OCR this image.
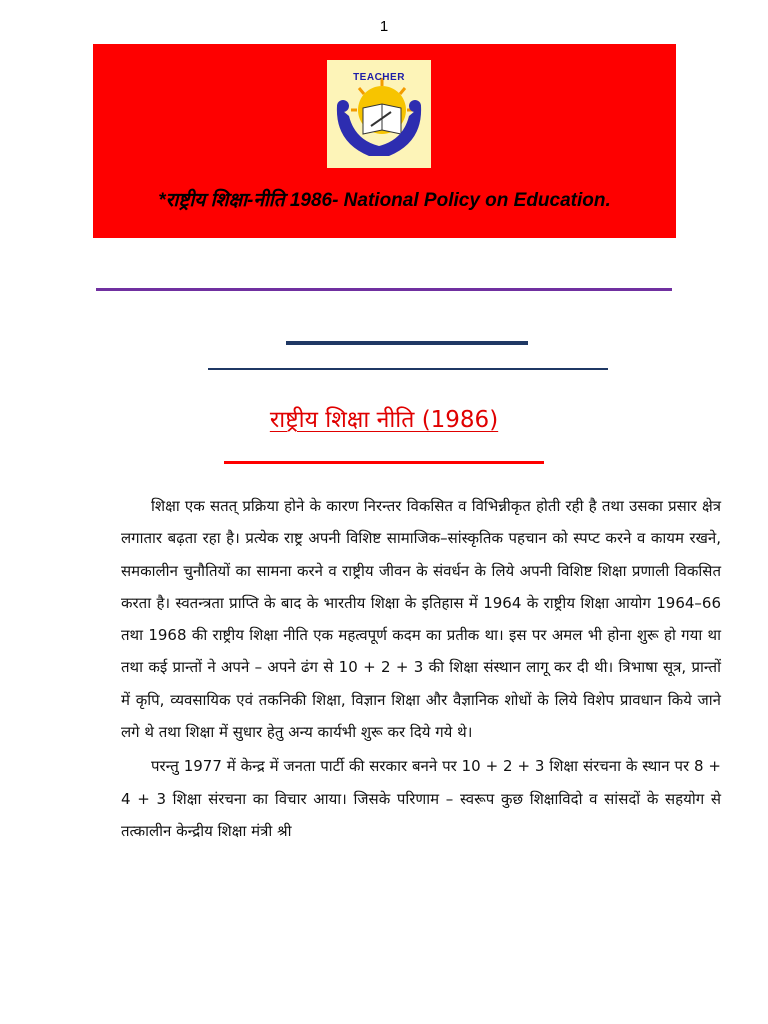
1
TEACHER
*राष्ट्रीय शिक्षा-नीति 1986- National Policy on Education.
राष्ट्रीय शिक्षा नीति (1986)

शिक्षा एक सतत् प्रक्रिया होने के कारण निरन्तर विकसित व विभिन्नीकृत होती रही है तथा उसका प्रसार क्षेत्र लगातार बढ़ता रहा है। प्रत्येक राष्ट्र अपनी विशिष्ट सामाजिक–सांस्कृतिक पहचान को स्पप्ट करने व कायम रखने, समकालीन चुनौतियों का सामना करने व राष्ट्रीय जीवन के संवर्धन के लिये अपनी विशिष्ट शिक्षा प्रणाली विकसित करता है। स्वतन्त्रता प्राप्ति के बाद के भारतीय शिक्षा के इतिहास में 1964 के राष्ट्रीय शिक्षा आयोग 1964–66 तथा 1968 की राष्ट्रीय शिक्षा नीति एक महत्वपूर्ण कदम का प्रतीक था। इस पर अमल भी होना शुरू हो गया था तथा कई प्रान्तों ने अपने – अपने ढंग से 10 + 2 + 3 की शिक्षा संस्थान लागू कर दी थी। त्रिभाषा सूत्र, प्रान्तों में कृपि, व्यवसायिक एवं तकनिकी शिक्षा, विज्ञान शिक्षा और वैज्ञानिक शोधों के लिये विशेप प्रावधान किये जाने लगे थे तथा शिक्षा में सुधार हेतु अन्य कार्यभी शुरू कर दिये गये थे।

परन्तु 1977 में केन्द्र में जनता पार्टी की सरकार बनने पर 10 + 2 + 3 शिक्षा संरचना के स्थान पर 8 + 4 + 3 शिक्षा संरचना का विचार आया। जिसके परिणाम – स्वरूप कुछ शिक्षाविदो व सांसदों के सहयोग से तत्कालीन केन्द्रीय शिक्षा मंत्री श्री
